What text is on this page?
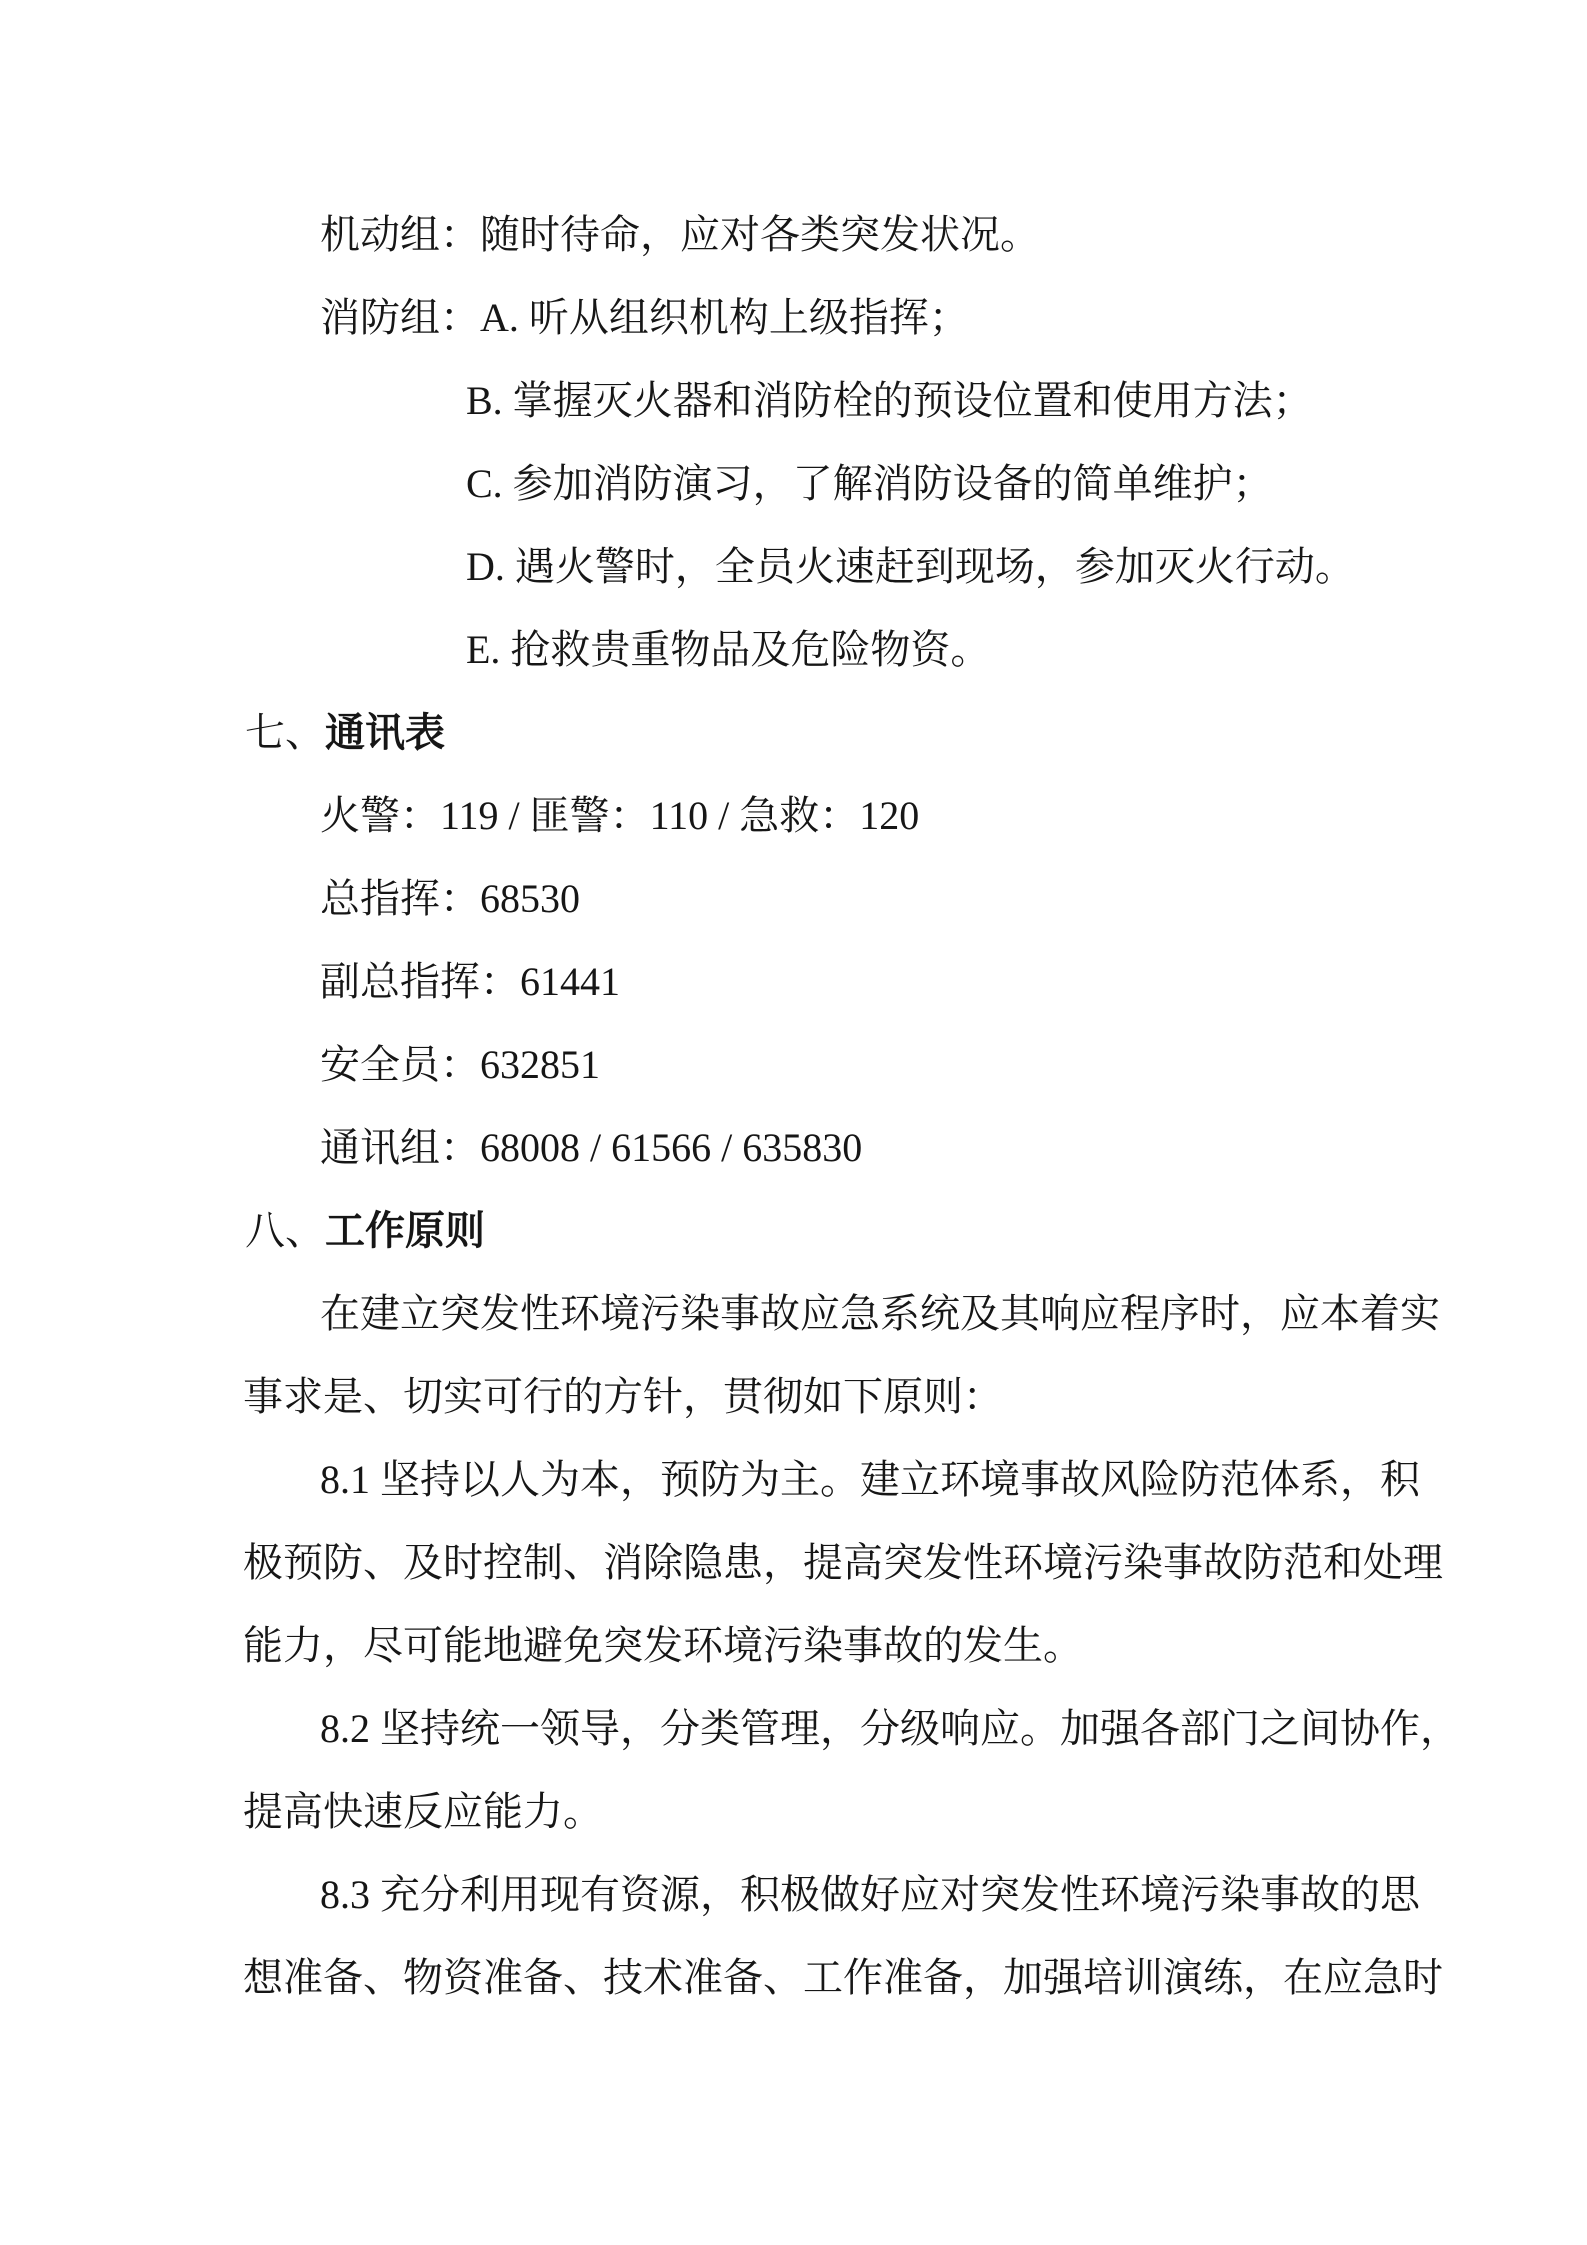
机动组：随时待命，应对各类突发状况。
消防组：A. 听从组织机构上级指挥；
B. 掌握灭火器和消防栓的预设位置和使用方法；
C. 参加消防演习，了解消防设备的简单维护；
D. 遇火警时，全员火速赶到现场，参加灭火行动。
E. 抢救贵重物品及危险物资。
七、通讯表
火警：119 / 匪警：110 / 急救：120
总指挥：68530
副总指挥：61441
安全员：632851
通讯组：68008 / 61566 / 635830
八、工作原则
在建立突发性环境污染事故应急系统及其响应程序时，应本着实
事求是、切实可行的方针，贯彻如下原则：
8.1 坚持以人为本，预防为主。建立环境事故风险防范体系，积
极预防、及时控制、消除隐患，提高突发性环境污染事故防范和处理
能力，尽可能地避免突发环境污染事故的发生。
8.2 坚持统一领导，分类管理，分级响应。加强各部门之间协作，
提高快速反应能力。
8.3 充分利用现有资源，积极做好应对突发性环境污染事故的思
想准备、物资准备、技术准备、工作准备，加强培训演练，在应急时
